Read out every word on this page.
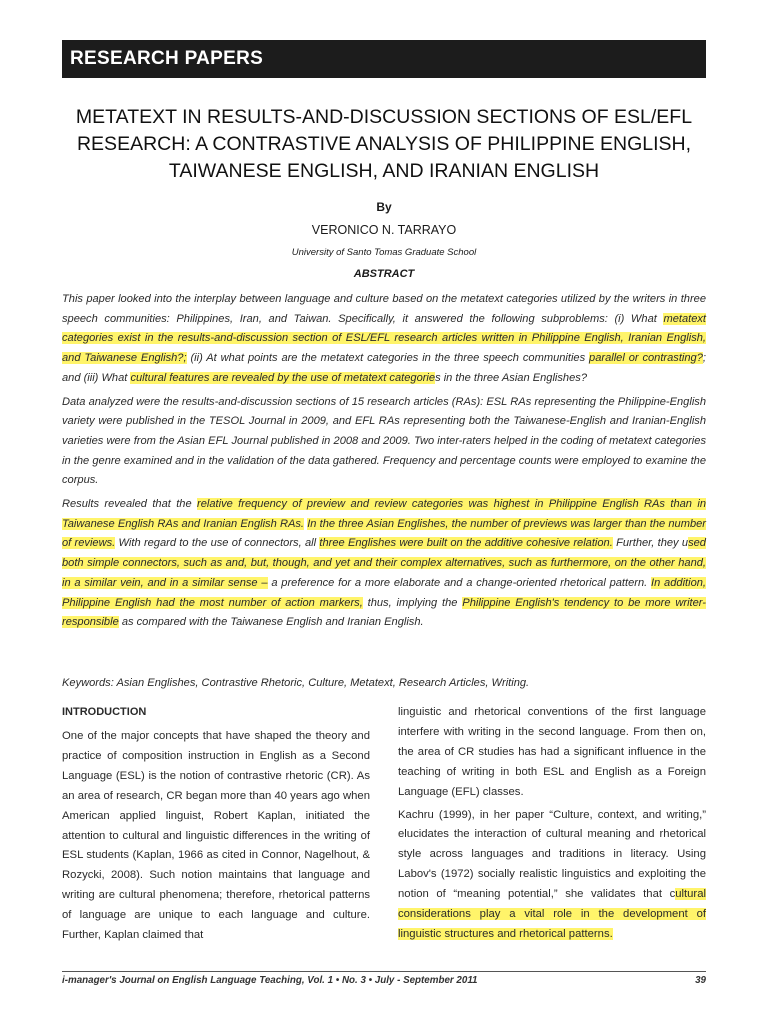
RESEARCH PAPERS
METATEXT IN RESULTS-AND-DISCUSSION SECTIONS OF ESL/EFL
RESEARCH: A CONTRASTIVE ANALYSIS OF PHILIPPINE ENGLISH,
TAIWANESE ENGLISH, AND IRANIAN ENGLISH
By
VERONICO N. TARRAYO
University of Santo Tomas Graduate School
ABSTRACT

This paper looked into the interplay between language and culture based on the metatext categories utilized by the writers in three speech communities: Philippines, Iran, and Taiwan. Specifically, it answered the following subproblems: (i) What metatext categories exist in the results-and-discussion section of ESL/EFL research articles written in Philippine English, Iranian English, and Taiwanese English?; (ii) At what points are the metatext categories in the three speech communities parallel or contrasting?; and (iii) What cultural features are revealed by the use of metatext categories in the three Asian Englishes?

Data analyzed were the results-and-discussion sections of 15 research articles (RAs): ESL RAs representing the Philippine-English variety were published in the TESOL Journal in 2009, and EFL RAs representing both the Taiwanese-English and Iranian-English varieties were from the Asian EFL Journal published in 2008 and 2009. Two inter-raters helped in the coding of metatext categories in the genre examined and in the validation of the data gathered. Frequency and percentage counts were employed to examine the corpus.

Results revealed that the relative frequency of preview and review categories was highest in Philippine English RAs than in Taiwanese English RAs and Iranian English RAs. In the three Asian Englishes, the number of previews was larger than the number of reviews. With regard to the use of connectors, all three Englishes were built on the additive cohesive relation. Further, they used both simple connectors, such as and, but, though, and yet and their complex alternatives, such as furthermore, on the other hand, in a similar vein, and in a similar sense – a preference for a more elaborate and a change-oriented rhetorical pattern. In addition, Philippine English had the most number of action markers, thus, implying the Philippine English's tendency to be more writer-responsible as compared with the Taiwanese English and Iranian English.

Keywords: Asian Englishes, Contrastive Rhetoric, Culture, Metatext, Research Articles, Writing.
INTRODUCTION

One of the major concepts that have shaped the theory and practice of composition instruction in English as a Second Language (ESL) is the notion of contrastive rhetoric (CR). As an area of research, CR began more than 40 years ago when American applied linguist, Robert Kaplan, initiated the attention to cultural and linguistic differences in the writing of ESL students (Kaplan, 1966 as cited in Connor, Nagelhout, & Rozycki, 2008). Such notion maintains that language and writing are cultural phenomena; therefore, rhetorical patterns of language are unique to each language and culture. Further, Kaplan claimed that

linguistic and rhetorical conventions of the first language interfere with writing in the second language. From then on, the area of CR studies has had a significant influence in the teaching of writing in both ESL and English as a Foreign Language (EFL) classes.

Kachru (1999), in her paper “Culture, context, and writing,” elucidates the interaction of cultural meaning and rhetorical style across languages and traditions in literacy. Using Labov's (1972) socially realistic linguistics and exploiting the notion of “meaning potential,” she validates that cultural considerations play a vital role in the development of linguistic structures and rhetorical patterns.

i-manager's Journal on English Language Teaching, Vol. 1 • No. 3 • July - September 2011	39
